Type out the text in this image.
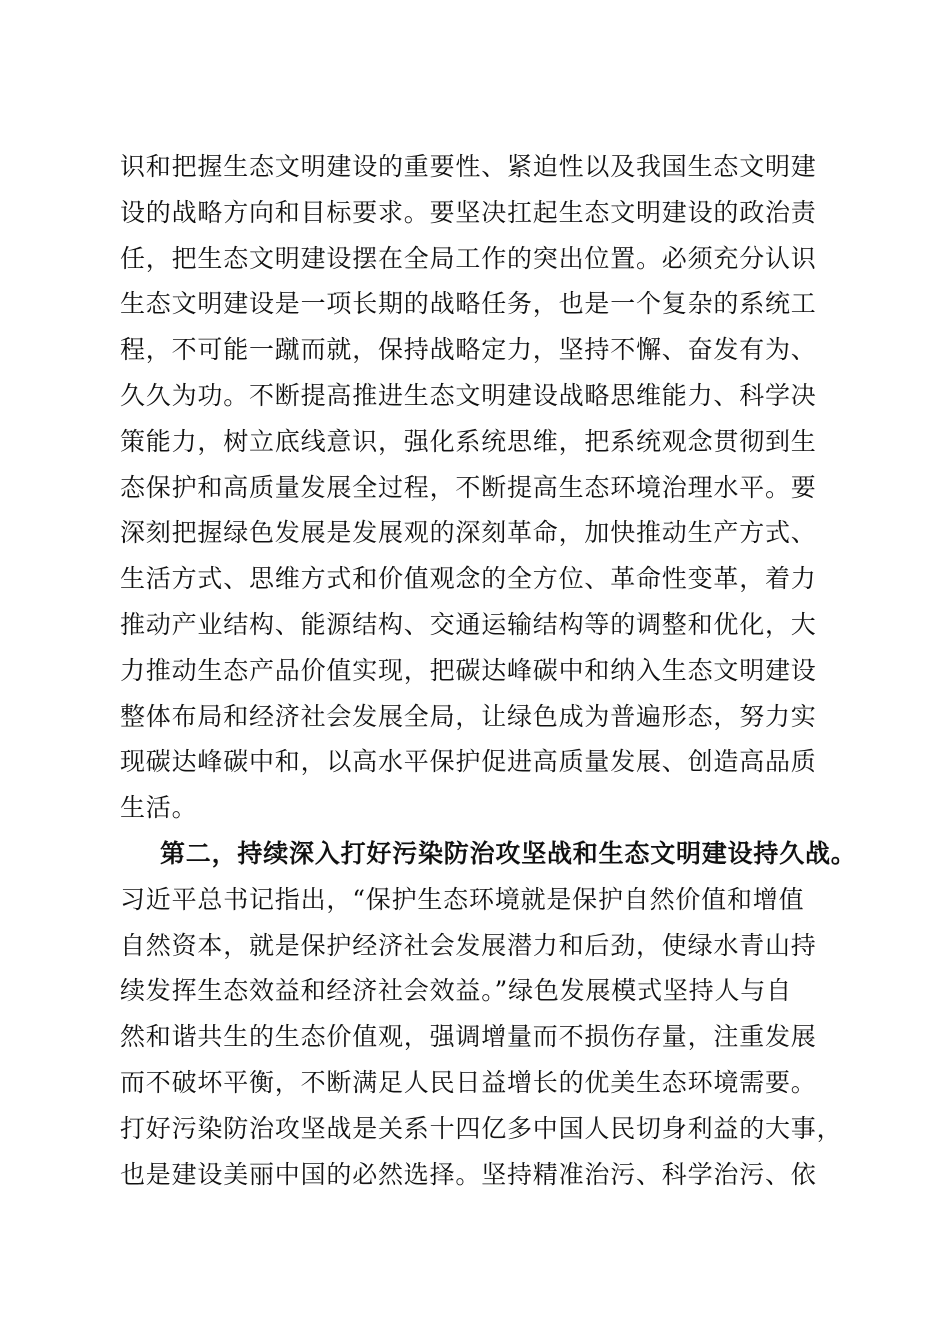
识和把握生态文明建设的重要性、紧迫性以及我国生态文明建
设的战略方向和目标要求。要坚决扛起生态文明建设的政治责
任，把生态文明建设摆在全局工作的突出位置。必须充分认识
生态文明建设是一项长期的战略任务，也是一个复杂的系统工
程，不可能一蹴而就，保持战略定力，坚持不懈、奋发有为、
久久为功。不断提高推进生态文明建设战略思维能力、科学决
策能力，树立底线意识，强化系统思维，把系统观念贯彻到生
态保护和高质量发展全过程，不断提高生态环境治理水平。要
深刻把握绿色发展是发展观的深刻革命，加快推动生产方式、
生活方式、思维方式和价值观念的全方位、革命性变革，着力
推动产业结构、能源结构、交通运输结构等的调整和优化，大
力推动生态产品价值实现，把碳达峰碳中和纳入生态文明建设
整体布局和经济社会发展全局，让绿色成为普遍形态，努力实
现碳达峰碳中和，以高水平保护促进高质量发展、创造高品质
生活。
第二，持续深入打好污染防治攻坚战和生态文明建设持久战。
习近平总书记指出，“保护生态环境就是保护自然价值和增值
自然资本，就是保护经济社会发展潜力和后劲，使绿水青山持
续发挥生态效益和经济社会效益。”绿色发展模式坚持人与自
然和谐共生的生态价值观，强调增量而不损伤存量，注重发展
而不破坏平衡，不断满足人民日益增长的优美生态环境需要。
打好污染防治攻坚战是关系十四亿多中国人民切身利益的大事，
也是建设美丽中国的必然选择。坚持精准治污、科学治污、依
